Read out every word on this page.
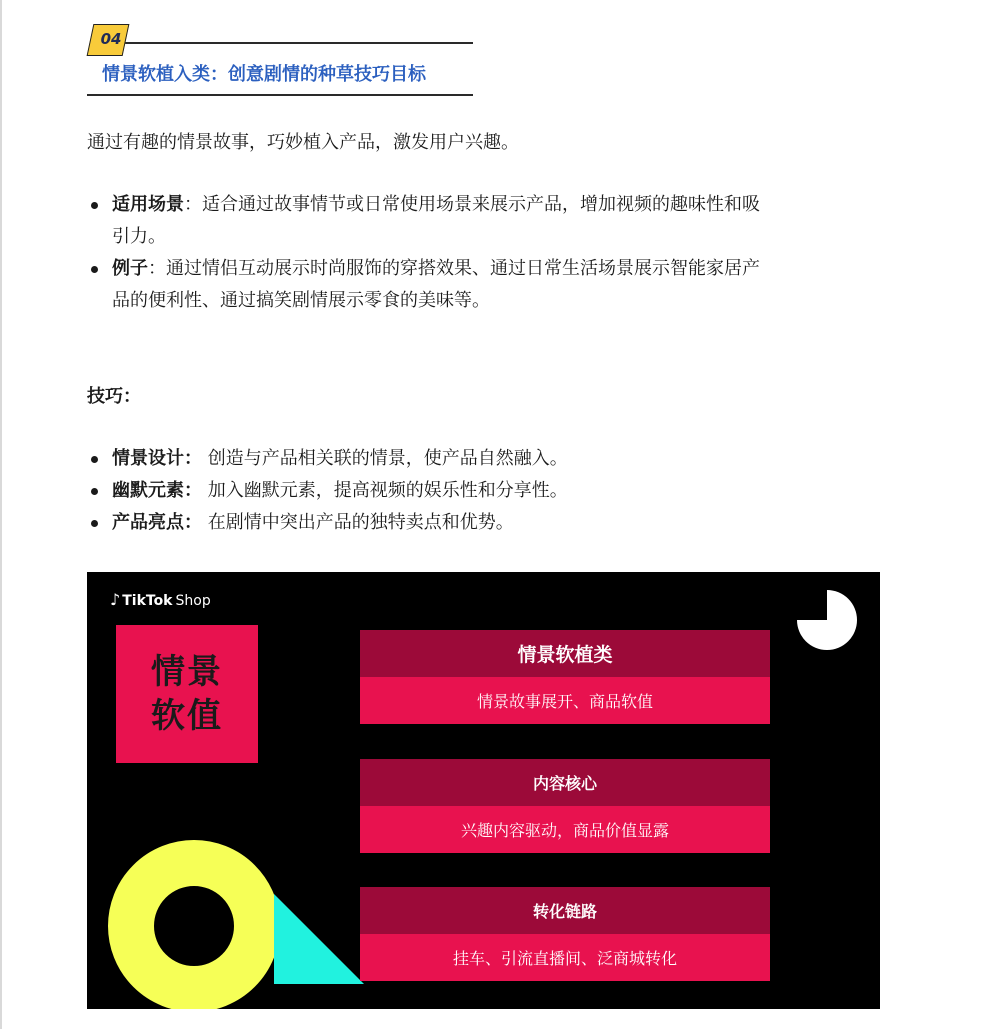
04
情景软植入类：创意剧情的种草技巧目标
通过有趣的情景故事，巧妙植入产品，激发用户兴趣。
适用场景：适合通过故事情节或日常使用场景来展示产品，增加视频的趣味性和吸
引力。
例子：通过情侣互动展示时尚服饰的穿搭效果、通过日常生活场景展示智能家居产
品的便利性、通过搞笑剧情展示零食的美味等。
技巧：
情景设计： 创造与产品相关联的情景，使产品自然融入。
幽默元素： 加入幽默元素，提高视频的娱乐性和分享性。
产品亮点： 在剧情中突出产品的独特卖点和优势。
♪ TikTok Shop
情景
软值
情景软植类
情景故事展开、商品软值
内容核心
兴趣内容驱动，商品价值显露
转化链路
挂车、引流直播间、泛商城转化
